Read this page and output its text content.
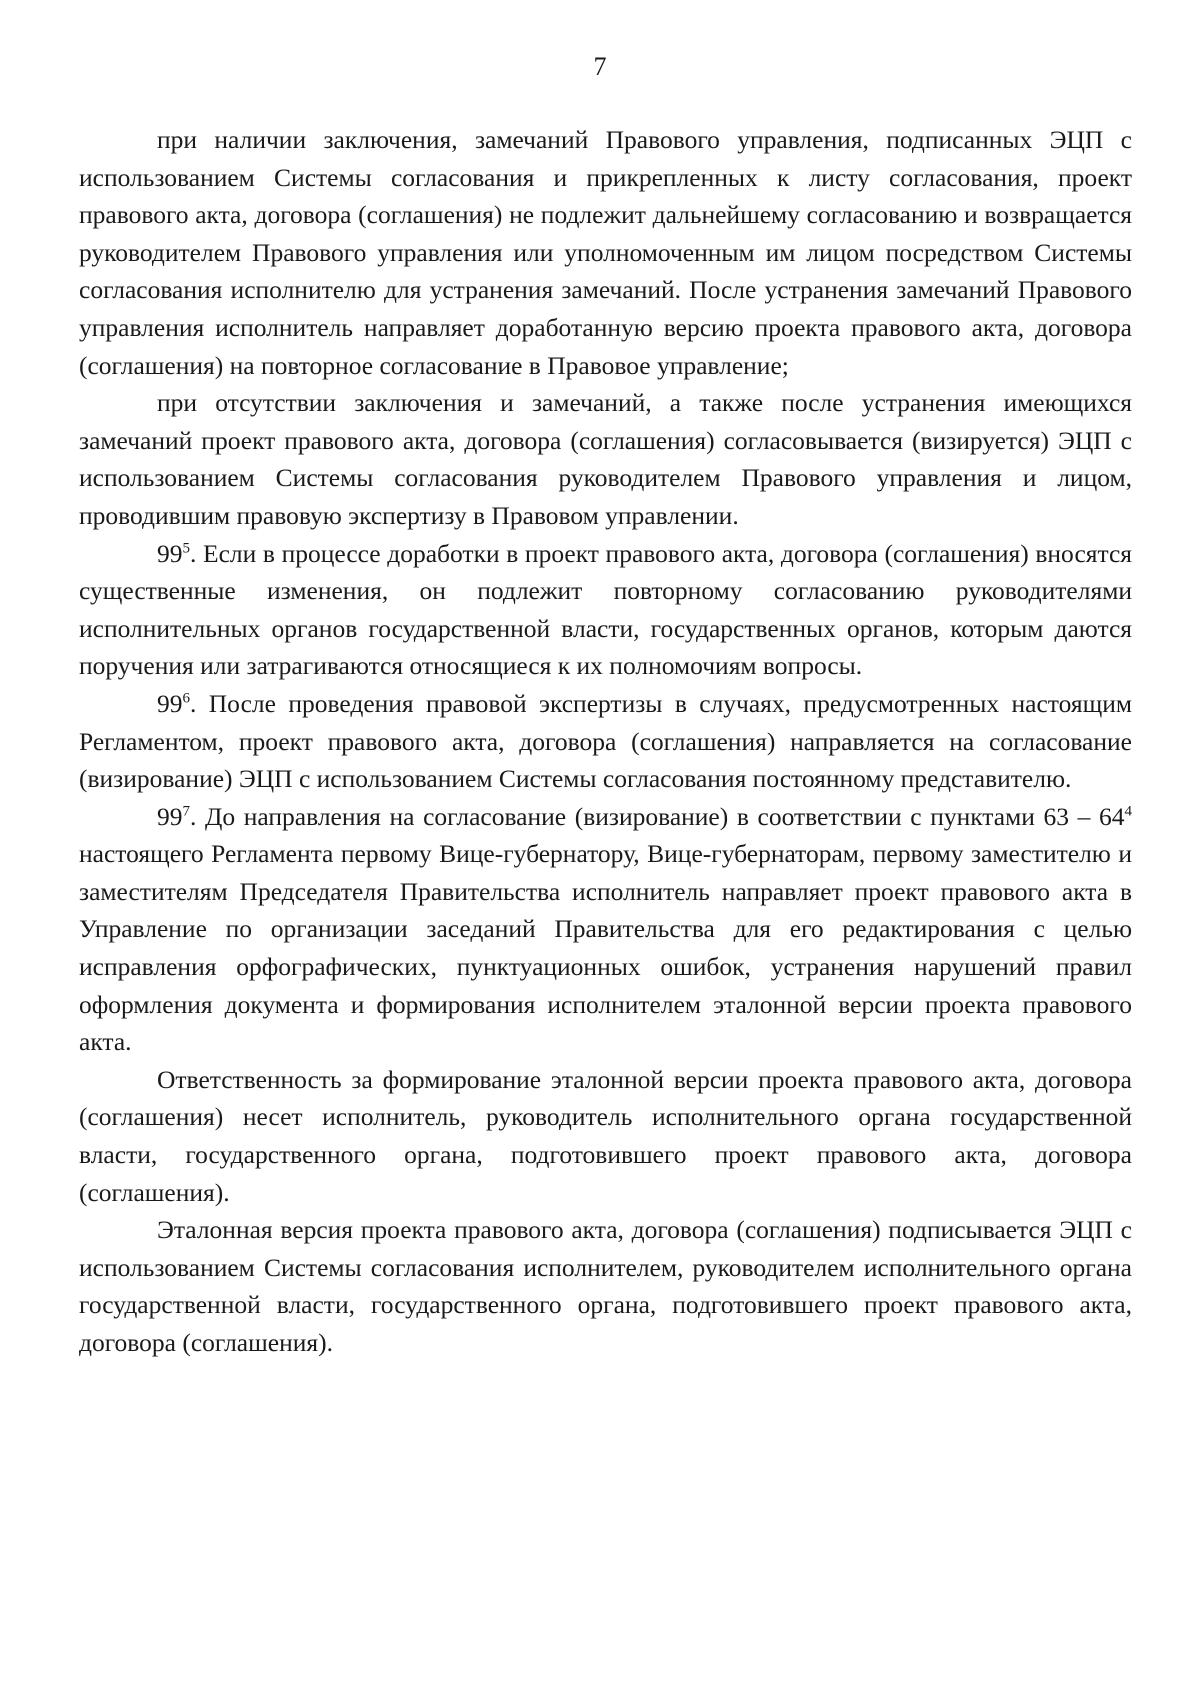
7

при наличии заключения, замечаний Правового управления, подписанных ЭЦП с использованием Системы согласования и прикрепленных к листу согласования, проект правового акта, договора (соглашения) не подлежит дальнейшему согласованию и возвращается руководителем Правового управления или уполномоченным им лицом посредством Системы согласования исполнителю для устранения замечаний. После устранения замечаний Правового управления исполнитель направляет доработанную версию проекта правового акта, договора (соглашения) на повторное согласование в Правовое управление;

при отсутствии заключения и замечаний, а также после устранения имеющихся замечаний проект правового акта, договора (соглашения) согласовывается (визируется) ЭЦП с использованием Системы согласования руководителем Правового управления и лицом, проводившим правовую экспертизу в Правовом управлении.

$99^5$. Если в процессе доработки в проект правового акта, договора (соглашения) вносятся существенные изменения, он подлежит повторному согласованию руководителями исполнительных органов государственной власти, государственных органов, которым даются поручения или затрагиваются относящиеся к их полномочиям вопросы.

$99^6$. После проведения правовой экспертизы в случаях, предусмотренных настоящим Регламентом, проект правового акта, договора (соглашения) направляется на согласование (визирование) ЭЦП с использованием Системы согласования постоянному представителю.

$99^7$. До направления на согласование (визирование) в соответствии с пунктами $63 - 64^4$ настоящего Регламента первому Вице-губернатору, Вице-губернаторам, первому заместителю и заместителям Председателя Правительства исполнитель направляет проект правового акта в Управление по организации заседаний Правительства для его редактирования с целью исправления орфографических, пунктуационных ошибок, устранения нарушений правил оформления документа и формирования исполнителем эталонной версии проекта правового акта.

Ответственность за формирование эталонной версии проекта правового акта, договора (соглашения) несет исполнитель, руководитель исполнительного органа государственной власти, государственного органа, подготовившего проект правового акта, договора (соглашения).

Эталонная версия проекта правового акта, договора (соглашения) подписывается ЭЦП с использованием Системы согласования исполнителем, руководителем исполнительного органа государственной власти, государственного органа, подготовившего проект правового акта, договора (соглашения).
